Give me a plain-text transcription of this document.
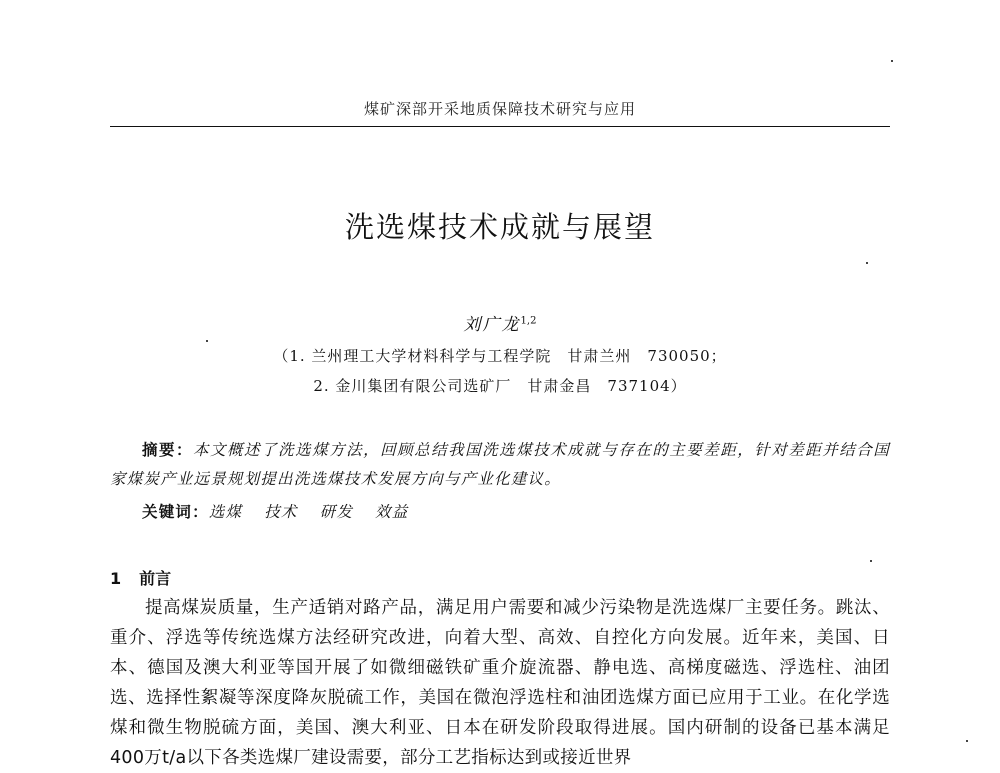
煤矿深部开采地质保障技术研究与应用
洗选煤技术成就与展望
刘广龙$^{1,2}$
（1. 兰州理工大学材料科学与工程学院　甘肃兰州　730050；
2. 金川集团有限公司选矿厂　甘肃金昌　737104）
摘要：本文概述了洗选煤方法，回顾总结我国洗选煤技术成就与存在的主要差距，针对差距并结合国家煤炭产业远景规划提出洗选煤技术发展方向与产业化建议。
关键词：选煤 技术 研发 效益
1 前言

提高煤炭质量，生产适销对路产品，满足用户需要和减少污染物是洗选煤厂主要任务。跳汰、重介、浮选等传统选煤方法经研究改进，向着大型、高效、自控化方向发展。近年来，美国、日本、德国及澳大利亚等国开展了如微细磁铁矿重介旋流器、静电选、高梯度磁选、浮选柱、油团选、选择性絮凝等深度降灰脱硫工作，美国在微泡浮选柱和油团选煤方面已应用于工业。在化学选煤和微生物脱硫方面，美国、澳大利亚、日本在研发阶段取得进展。国内研制的设备已基本满足400万t/a以下各类选煤厂建设需要，部分工艺指标达到或接近世界
